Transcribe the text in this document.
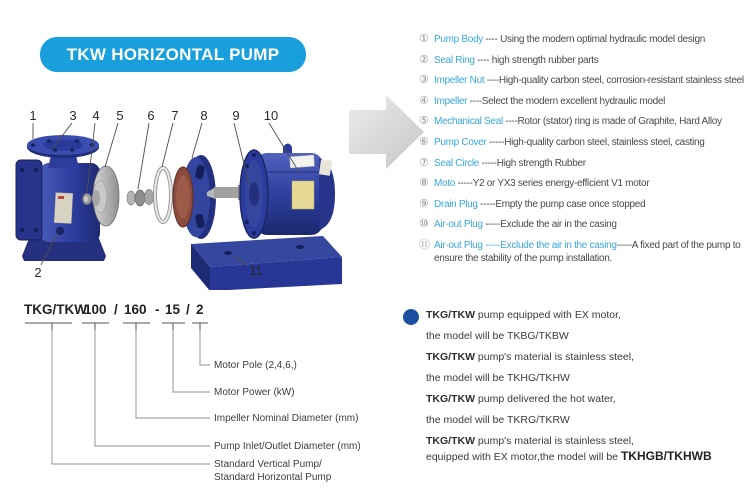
TKW HORIZONTAL PUMP
1	3 4 5 6 7 8 9 10
2	11
① Pump Body ---- Using the modern optimal hydraulic model design
② Seal Ring ---- high strength rubber parts
③ Impeller Nut ----High-quality carbon steel, corrosion-resistant stainless steel
④ Impeller ----Select the modern excellent hydraulic model
⑤ Mechanical Seal ----Rotor (stator) ring is made of Graphite, Hard Alloy
⑥ Pump Cover -----High-quality carbon steel, stainless steel, casting
⑦ Seal Circle -----High strength Rubber
⑧ Moto -----Y2 or YX3 series energy-efficient V1 motor
⑨ Drain Plug -----Empty the pump case once stopped
⑩ Air-out Plug -----Exclude the air in the casing
⑪ Air-out Plug -----Exclude the air in the casing-----A fixed part of the pump to
ensure the stability of the pump installation.
TKG/TKW
100 / 160 - 15 / 2
Motor Pole (2,4,6,)
Motor Power (kW)
Impeller Nominal Diameter (mm)
Pump Inlet/Outlet Diameter (mm)
Standard Vertical Pump/
Standard Horizontal Pump

TKG/TKW pump equipped with EX motor,

the model will be TKBG/TKBW

TKG/TKW pump's material is stainless steel,

the model will be TKHG/TKHW

TKG/TKW pump delivered the hot water,

the model will be TKRG/TKRW

TKG/TKW pump's material is stainless steel,

equipped with EX motor,the model will be TKHGB/TKHWB
